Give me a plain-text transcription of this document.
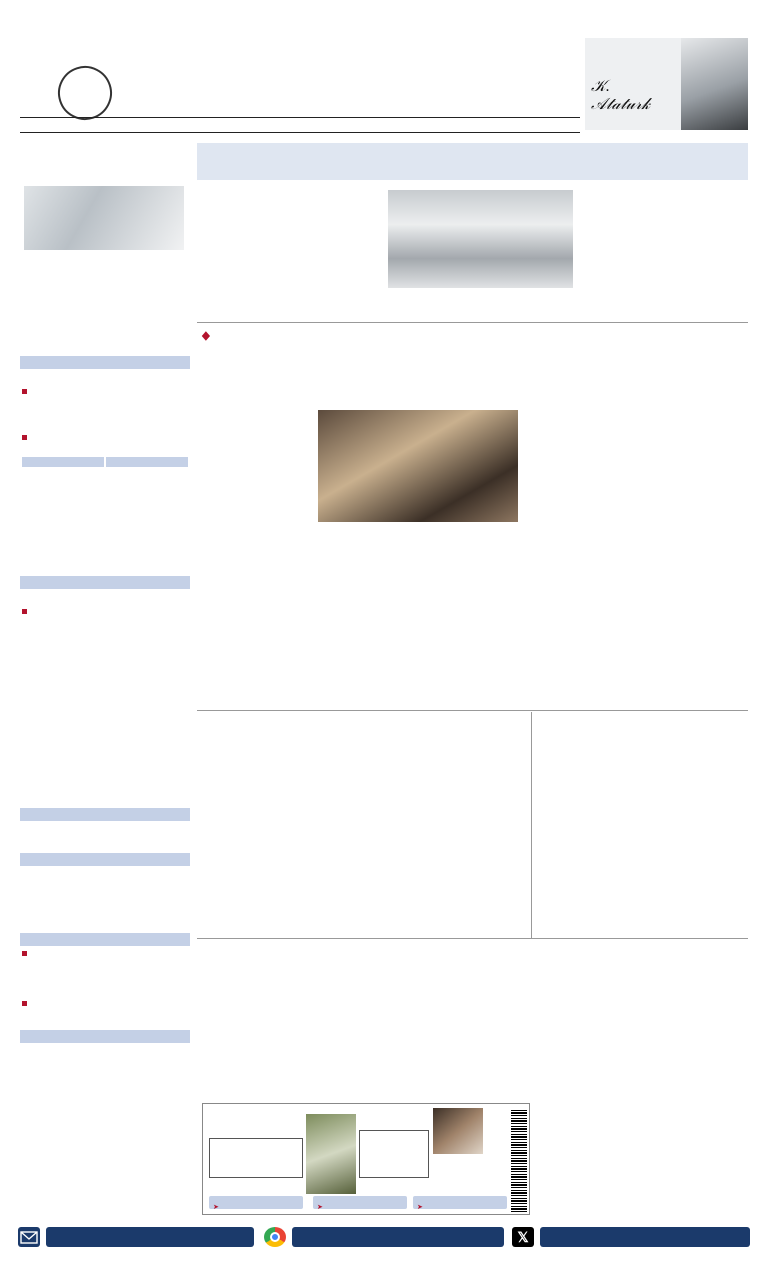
𝒦. 𝒜𝓉𝒶𝓉𝓊𝓇𝓀

◆
➤	➤	➤
𝕏
